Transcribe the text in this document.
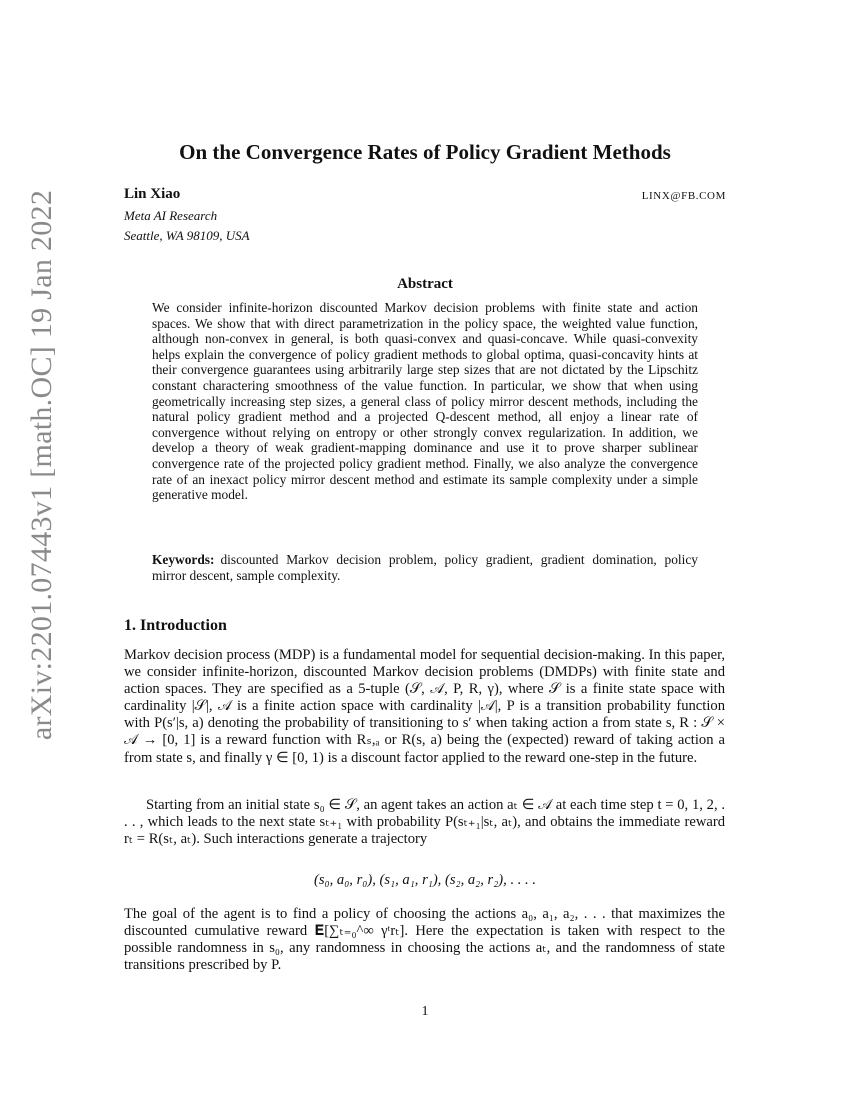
arXiv:2201.07443v1 [math.OC] 19 Jan 2022
On the Convergence Rates of Policy Gradient Methods
Lin Xiao	LINX@FB.COM
Meta AI Research
Seattle, WA 98109, USA
Abstract

We consider infinite-horizon discounted Markov decision problems with finite state and action spaces. We show that with direct parametrization in the policy space, the weighted value function, although non-convex in general, is both quasi-convex and quasi-concave. While quasi-convexity helps explain the convergence of policy gradient methods to global optima, quasi-concavity hints at their convergence guarantees using arbitrarily large step sizes that are not dictated by the Lipschitz constant charactering smoothness of the value function. In particular, we show that when using geometrically increasing step sizes, a general class of policy mirror descent methods, including the natural policy gradient method and a projected Q-descent method, all enjoy a linear rate of convergence without relying on entropy or other strongly convex regularization. In addition, we develop a theory of weak gradient-mapping dominance and use it to prove sharper sublinear convergence rate of the projected policy gradient method. Finally, we also analyze the convergence rate of an inexact policy mirror descent method and estimate its sample complexity under a simple generative model.

Keywords: discounted Markov decision problem, policy gradient, gradient domination, policy mirror descent, sample complexity.
1. Introduction

Markov decision process (MDP) is a fundamental model for sequential decision-making. In this paper, we consider infinite-horizon, discounted Markov decision problems (DMDPs) with finite state and action spaces. They are specified as a 5-tuple (𝒮, 𝒜, P, R, γ), where 𝒮 is a finite state space with cardinality |𝒮|, 𝒜 is a finite action space with cardinality |𝒜|, P is a transition probability function with P(s′|s, a) denoting the probability of transitioning to s′ when taking action a from state s, R : 𝒮 × 𝒜 → [0, 1] is a reward function with Rₛ,ₐ or R(s, a) being the (expected) reward of taking action a from state s, and finally γ ∈ [0, 1) is a discount factor applied to the reward one-step in the future.

Starting from an initial state s₀ ∈ 𝒮, an agent takes an action aₜ ∈ 𝒜 at each time step t = 0, 1, 2, . . . , which leads to the next state sₜ₊₁ with probability P(sₜ₊₁|sₜ, aₜ), and obtains the immediate reward rₜ = R(sₜ, aₜ). Such interactions generate a trajectory

(s₀, a₀, r₀), (s₁, a₁, r₁), (s₂, a₂, r₂), . . . .

The goal of the agent is to find a policy of choosing the actions a₀, a₁, a₂, . . . that maximizes the discounted cumulative reward 𝐄[∑ₜ₌₀^∞ γᵗrₜ]. Here the expectation is taken with respect to the possible randomness in s₀, any randomness in choosing the actions aₜ, and the randomness of state transitions prescribed by P.

1
